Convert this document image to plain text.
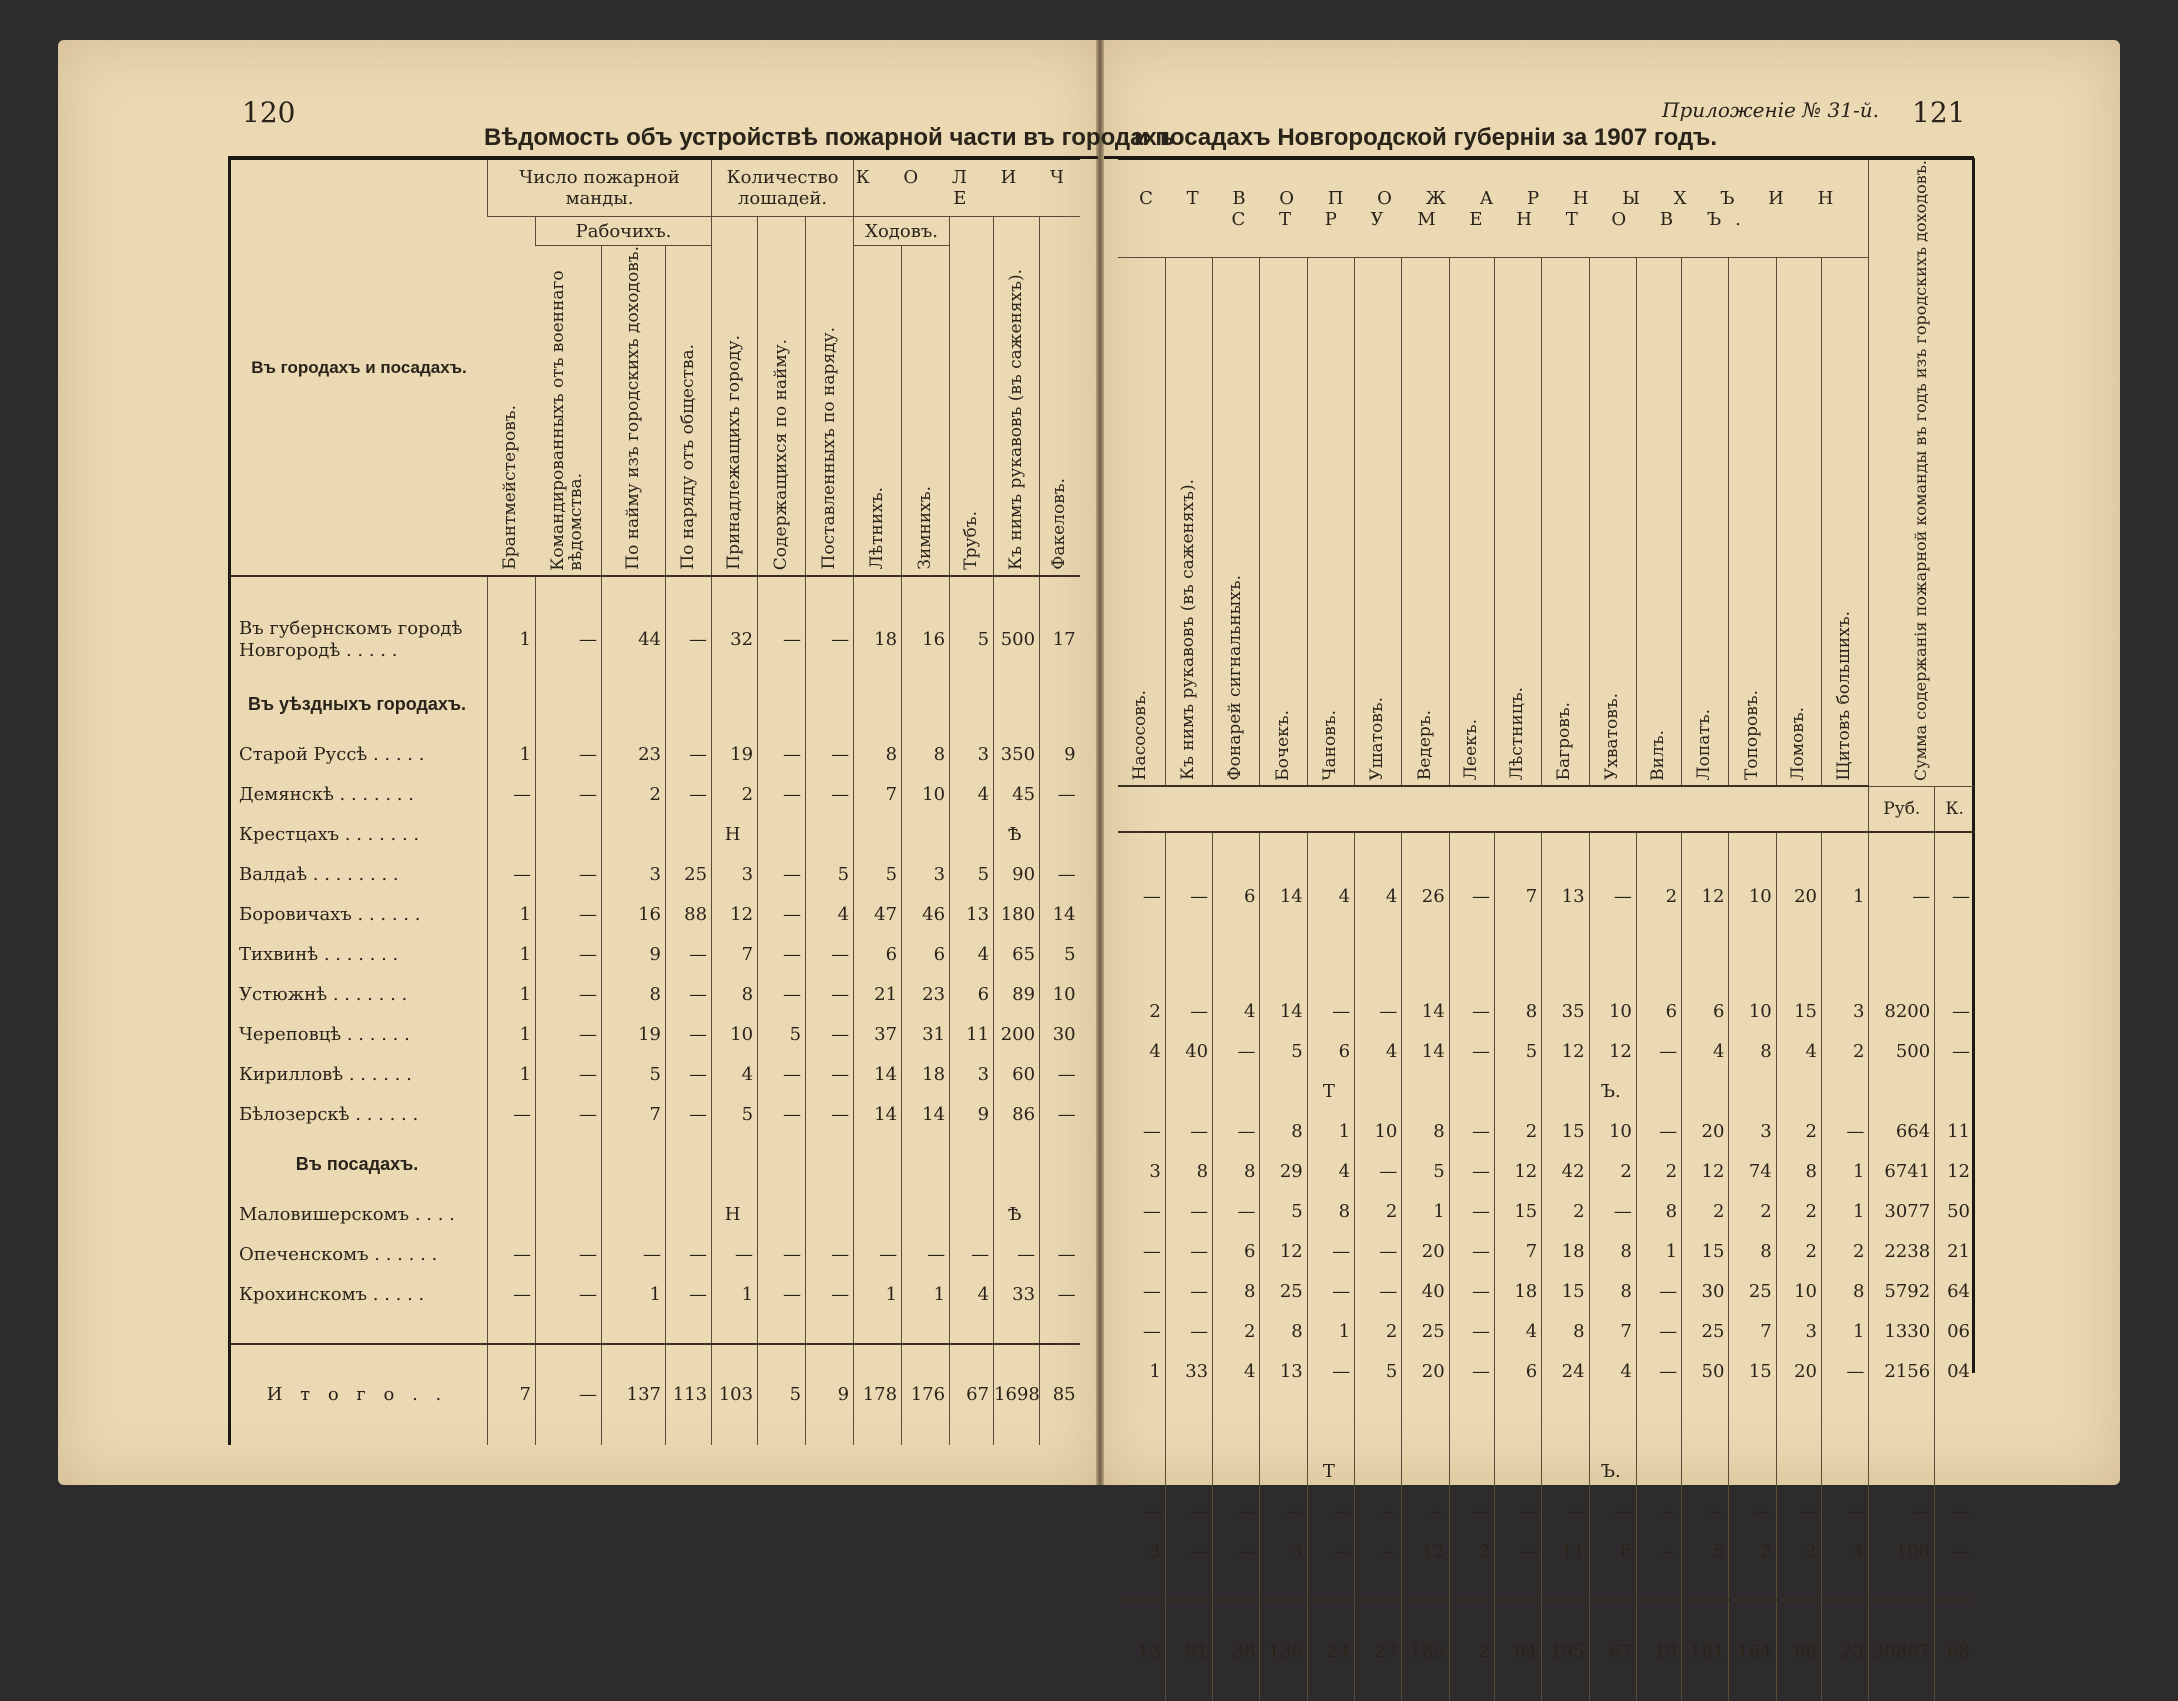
120	121
Приложеніе № 31-й.
Вѣдомость объ устройствѣ пожарной части въ городахъ
и посадахъ Новгородской губерніи за 1907 годъ.
Въ городахъ и посадахъ.	Число пожарной манды.				Количество лошадей.			К О Л И Ч Е				
	Брантмейстеровъ.	Рабочихъ.			Принадлежащихъ городу.	Содержащихся по найму.	Поставленныхъ по наряду.	Ходовъ.		Трубъ.	Къ нимъ рукавовъ (въ саженяхъ).	Факеловъ.
		Командированныхъ отъ военнаго вѣдомства.	По найму изъ городскихъ доходовъ.	По наряду отъ общества.				Лѣтнихъ.	Зимнихъ.			

Въ губернскомъ городѣ Новгородѣ . . . . .	1	—	44	—	32	—	—	18	16	5	500	17
Въ уѣздныхъ городахъ.												
Старой Руссѣ . . . . .	1	—	23	—	19	—	—	8	8	3	350	9
Демянскѣ . . . . . . .	—	—	2	—	2	—	—	7	10	4	45	—
Крестцахъ . . . . . . .					Н						Ѣ	
Валдаѣ . . . . . . . .	—	—	3	25	3	—	5	5	3	5	90	—
Боровичахъ . . . . . .	1	—	16	88	12	—	4	47	46	13	180	14
Тихвинѣ . . . . . . .	1	—	9	—	7	—	—	6	6	4	65	5
Устюжнѣ . . . . . . .	1	—	8	—	8	—	—	21	23	6	89	10
Череповцѣ . . . . . .	1	—	19	—	10	5	—	37	31	11	200	30
Кирилловѣ . . . . . .	1	—	5	—	4	—	—	14	18	3	60	—
Бѣлозерскѣ . . . . . .	—	—	7	—	5	—	—	14	14	9	86	—
Въ посадахъ.												
Маловишерскомъ . . . .					Н						Ѣ	
Опеченскомъ . . . . . .	—	—	—	—	—	—	—	—	—	—	—	—
Крохинскомъ . . . . .	—	—	1	—	1	—	—	1	1	4	33	—

И т о г о . .	7	—	137	113	103	5	9	178	176	67	1698	85
С Т В О П О Ж А Р Н Ы Х Ъ И Н С Т Р У М Е Н Т О В Ъ.																Сумма содержанія пожарной команды въ годъ изъ городскихъ доходовъ.	
Насосовъ.	Къ нимъ рукавовъ (въ саженяхъ).	Фонарей сигнальныхъ.	Бочекъ.	Чановъ.	Ушатовъ.	Ведеръ.	Леекъ.	Лѣстницъ.	Багровъ.	Ухватовъ.	Вилъ.	Лопатъ.	Топоровъ.	Ломовъ.	Щитовъ большихъ.		
																Руб.	К.

—	—	6	14	4	4	26	—	7	13	—	2	12	10	20	1	—	—

2	—	4	14	—	—	14	—	8	35	10	6	6	10	15	3	8200	—
4	40	—	5	6	4	14	—	5	12	12	—	4	8	4	2	500	—
				Т						Ъ.							
—	—	—	8	1	10	8	—	2	15	10	—	20	3	2	—	664	11
3	8	8	29	4	—	5	—	12	42	2	2	12	74	8	1	6741	12
—	—	—	5	8	2	1	—	15	2	—	8	2	2	2	1	3077	50
—	—	6	12	—	—	20	—	7	18	8	1	15	8	2	2	2238	21
—	—	8	25	—	—	40	—	18	15	8	—	30	25	10	8	5792	64
—	—	2	8	1	2	25	—	4	8	7	—	25	7	3	1	1330	06
1	33	4	13	—	5	20	—	6	24	4	—	50	15	20	—	2156	04

				Т						Ъ.							
—	—	—	—	—	—	—	—	—	—	—	—	—	—	—	—	—	—
3	—	—	3	—	—	12	2	—	11	6	—	5	2	2	4	108	—

13	81	38	136	24	27	185	2	84	195	67	19	181	164	88	23	30807	68
